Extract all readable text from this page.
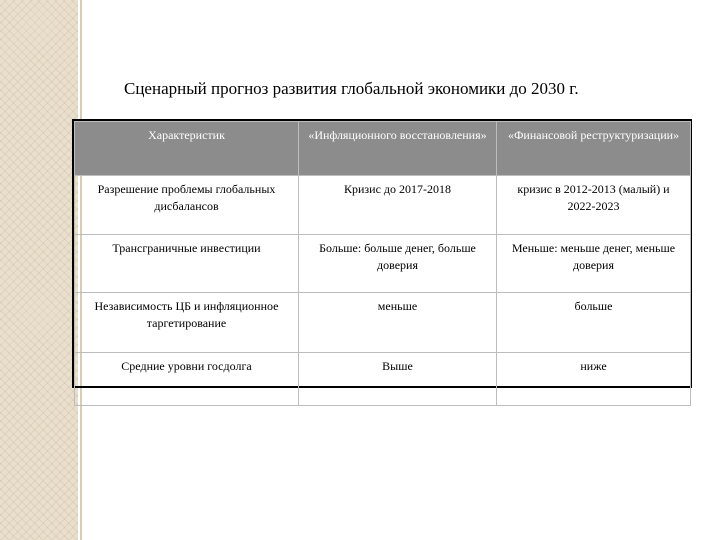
Сценарный прогноз развития глобальной экономики до 2030 г.
Характеристик	«Инфляционного восстановления»	«Финансовой реструктуризации»
Разрешение проблемы глобальных дисбалансов	Кризис до 2017-2018	кризис в 2012-2013 (малый) и 2022-2023
Трансграничные инвестиции	Больше: больше денег, больше доверия	Меньше: меньше денег, меньше доверия
Независимость ЦБ и инфляционное таргетирование	меньше	больше
Средние уровни госдолга	Выше	ниже
